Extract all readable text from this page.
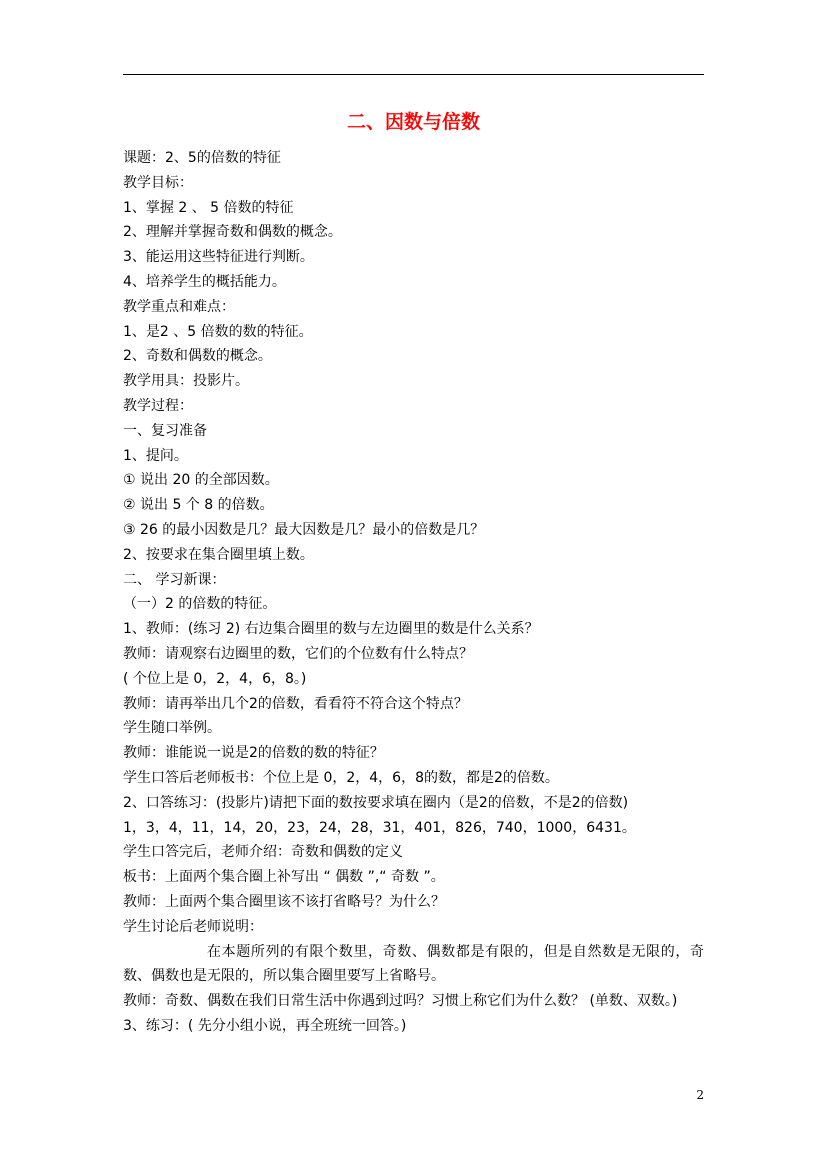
二、因数与倍数
课题：2、5的倍数的特征
教学目标：
1、掌握 2 、 5 倍数的特征
2、理解并掌握奇数和偶数的概念。
3、能运用这些特征进行判断。
4、培养学生的概括能力。
教学重点和难点：
1、是2 、5 倍数的数的特征。
2、奇数和偶数的概念。
教学用具：投影片。
教学过程：
一、复习准备
1、提问。
① 说出 20 的全部因数。
② 说出 5 个 8 的倍数。
③ 26 的最小因数是几？最大因数是几？最小的倍数是几？
2、按要求在集合圈里填上数。
二、 学习新课：
（一）2 的倍数的特征。
1、教师：(练习 2) 右边集合圈里的数与左边圈里的数是什么关系？
教师：请观察右边圈里的数，它们的个位数有什么特点？
( 个位上是 0，2，4，6，8。)
教师：请再举出几个2的倍数，看看符不符合这个特点？
学生随口举例。
教师：谁能说一说是2的倍数的数的特征？
学生口答后老师板书：个位上是 0，2，4，6，8的数，都是2的倍数。
2、口答练习：(投影片)请把下面的数按要求填在圈内（是2的倍数，不是2的倍数)
1，3，4，11，14，20，23，24，28，31，401，826，740，1000，6431。
学生口答完后，老师介绍：奇数和偶数的定义
板书：上面两个集合圈上补写出 “ 偶数 ”,“ 奇数 ”。
教师：上面两个集合圈里该不该打省略号？为什么？
学生讨论后老师说明：
在本题所列的有限个数里，奇数、偶数都是有限的，但是自然数是无限的，奇数、偶数也是无限的，所以集合圈里要写上省略号。
教师：奇数、偶数在我们日常生活中你遇到过吗？习惯上称它们为什么数？ (单数、双数。)
3、练习：( 先分小组小说，再全班统一回答。)
2
